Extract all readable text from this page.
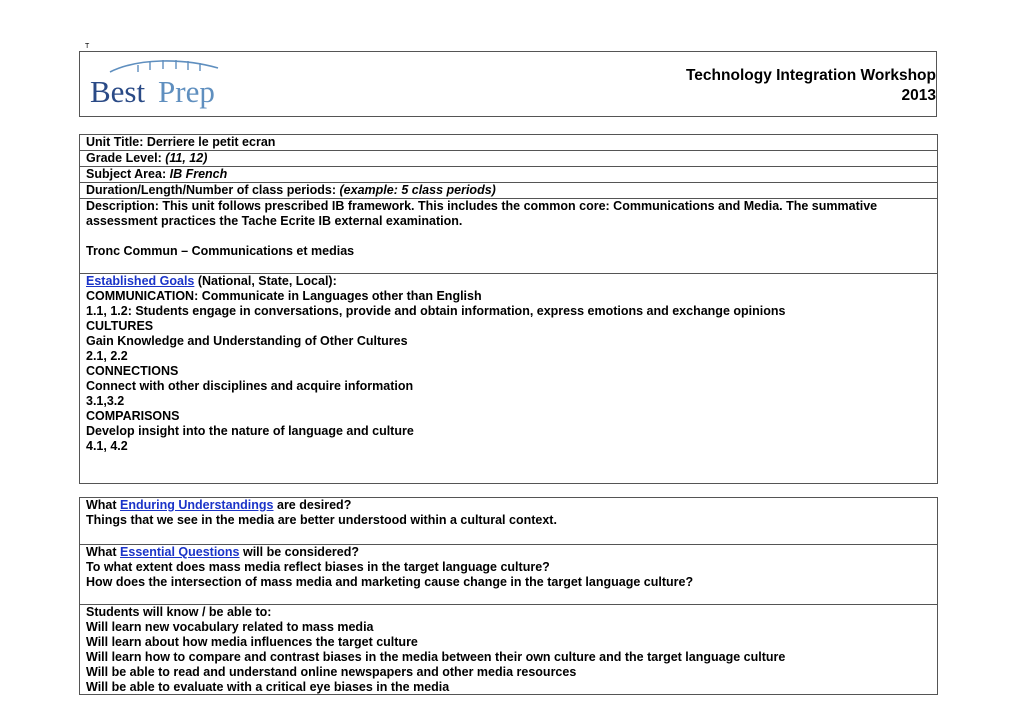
T
Best Prep	Technology Integration Workshop
2013
Unit Title: Derriere le petit ecran
Grade Level: (11, 12)
Subject Area: IB French
Duration/Length/Number of class periods: (example: 5 class periods)
Description: This unit follows prescribed IB framework. This includes the common core: Communications and Media. The summative assessment practices the Tache Ecrite IB external examination.
Tronc Commun – Communications et medias
Established Goals (National, State, Local):
COMMUNICATION: Communicate in Languages other than English
1.1, 1.2: Students engage in conversations, provide and obtain information, express emotions and exchange opinions
CULTURES
Gain Knowledge and Understanding of Other Cultures
2.1, 2.2
CONNECTIONS
Connect with other disciplines and acquire information
3.1,3.2
COMPARISONS
Develop insight into the nature of language and culture
4.1, 4.2
What Enduring Understandings are desired?
Things that we see in the media are better understood within a cultural context.
What Essential Questions will be considered?
To what extent does mass media reflect biases in the target language culture?
How does the intersection of mass media and marketing cause change in the target language culture?
Students will know / be able to:
Will learn new vocabulary related to mass media
Will learn about how media influences the target culture
Will learn how to compare and contrast biases in the media between their own culture and the target language culture
Will be able to read and understand online newspapers and other media resources
Will be able to evaluate with a critical eye biases in the media
